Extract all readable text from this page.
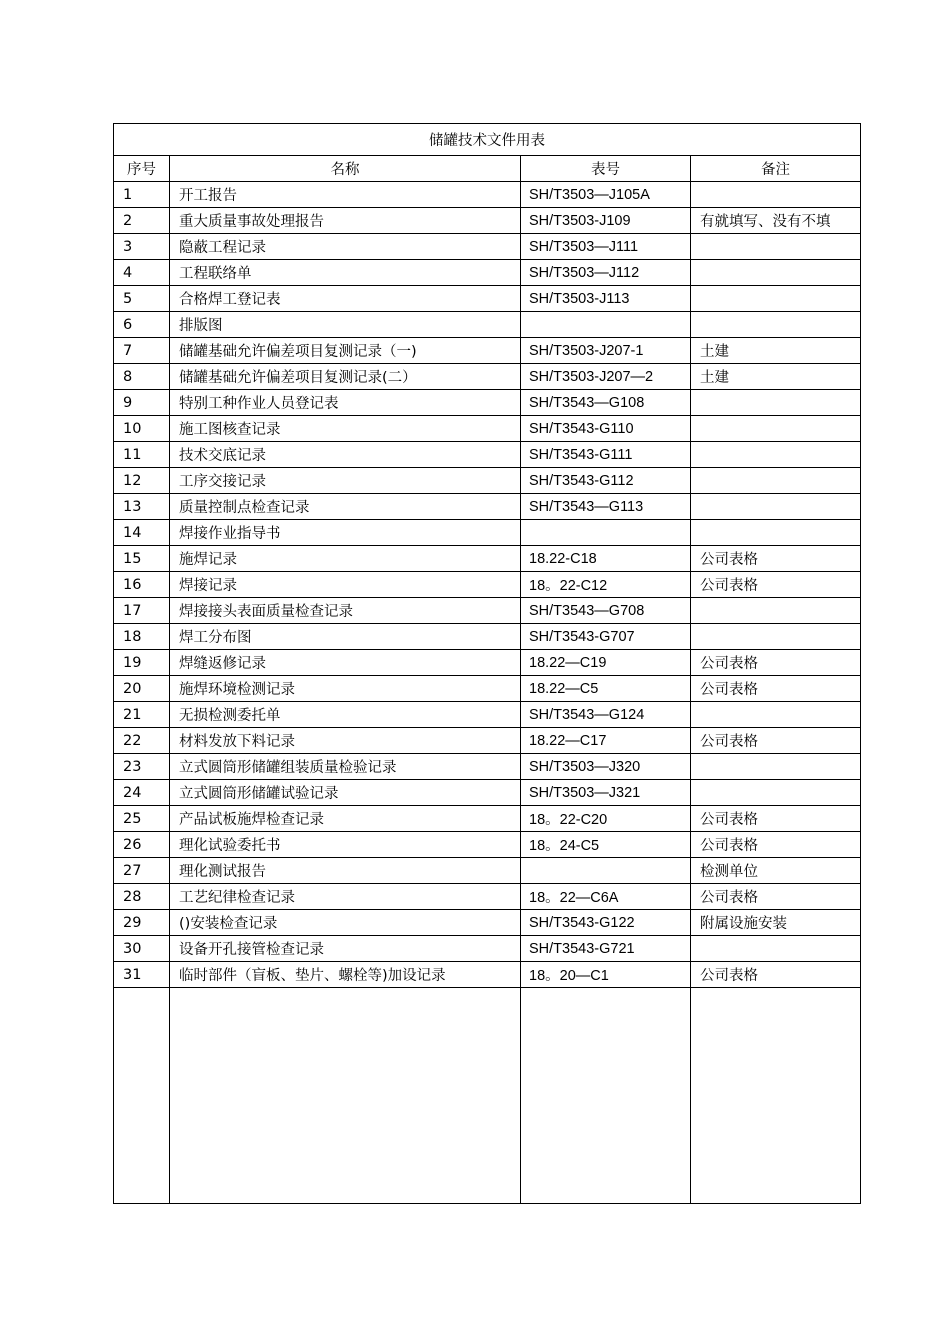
储罐技术文件用表			
序号	名称	表号	备注
1	开工报告	SH/T3503—J105A	
2	重大质量事故处理报告	SH/T3503-J109	有就填写、没有不填
3	隐蔽工程记录	SH/T3503—J111	
4	工程联络单	SH/T3503—J112	
5	合格焊工登记表	SH/T3503-J113	
6	排版图		
7	储罐基础允许偏差项目复测记录（一)	SH/T3503-J207-1	土建
8	储罐基础允许偏差项目复测记录(二）	SH/T3503-J207—2	土建
9	特别工种作业人员登记表	SH/T3543—G108	
10	施工图核查记录	SH/T3543-G110	
11	技术交底记录	SH/T3543-G111	
12	工序交接记录	SH/T3543-G112	
13	质量控制点检查记录	SH/T3543—G113	
14	焊接作业指导书		
15	施焊记录	18.22-C18	公司表格
16	焊接记录	18。22-C12	公司表格
17	焊接接头表面质量检查记录	SH/T3543—G708	
18	焊工分布图	SH/T3543-G707	
19	焊缝返修记录	18.22—C19	公司表格
20	施焊环境检测记录	18.22—C5	公司表格
21	无损检测委托单	SH/T3543—G124	
22	材料发放下料记录	18.22—C17	公司表格
23	立式圆筒形储罐组装质量检验记录	SH/T3503—J320	
24	立式圆筒形储罐试验记录	SH/T3503—J321	
25	产品试板施焊检查记录	18。22-C20	公司表格
26	理化试验委托书	18。24-C5	公司表格
27	理化测试报告		检测单位
28	工艺纪律检查记录	18。22—C6A	公司表格
29	()安装检查记录	SH/T3543-G122	附属设施安装
30	设备开孔接管检查记录	SH/T3543-G721	
31	临时部件（盲板、垫片、螺栓等)加设记录	18。20—C1	公司表格
